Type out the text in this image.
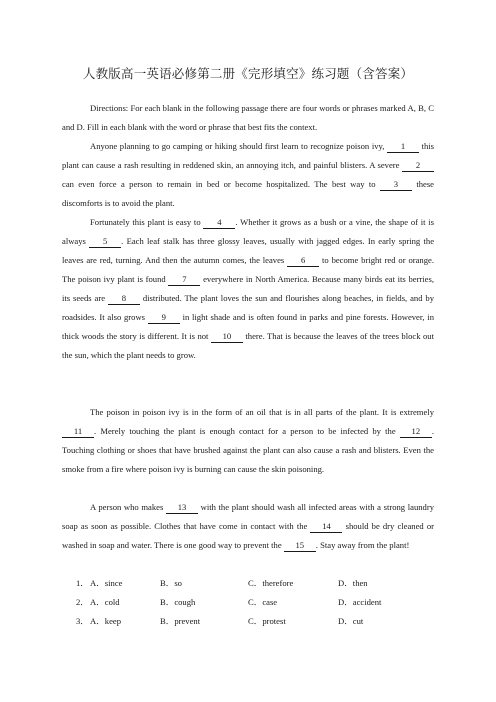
人教版高一英语必修第二册《完形填空》练习题（含答案）
Directions: For each blank in the following passage there are four words or phrases marked A, B, C and D. Fill in each blank with the word or phrase that best fits the context.
Anyone planning to go camping or hiking should first learn to recognize poison ivy, 1 this plant can cause a rash resulting in reddened skin, an annoying itch, and painful blisters. A severe 2 can even force a person to remain in bed or become hospitalized. The best way to 3 these discomforts is to avoid the plant.
Fortunately this plant is easy to 4 . Whether it grows as a bush or a vine, the shape of it is always 5 . Each leaf stalk has three glossy leaves, usually with jagged edges. In early spring the leaves are red, turning. And then the autumn comes, the leaves 6 to become bright red or orange. The poison ivy plant is found 7 everywhere in North America. Because many birds eat its berries, its seeds are 8 distributed. The plant loves the sun and flourishes along beaches, in fields, and by roadsides. It also grows 9 in light shade and is often found in parks and pine forests. However, in thick woods the story is different. It is not 10 there. That is because the leaves of the trees block out the sun, which the plant needs to grow.
The poison in poison ivy is in the form of an oil that is in all parts of the plant. It is extremely 11 . Merely touching the plant is enough contact for a person to be infected by the 12 . Touching clothing or shoes that have brushed against the plant can also cause a rash and blisters. Even the smoke from a fire where poison ivy is burning can cause the skin poisoning.
A person who makes 13 with the plant should wash all infected areas with a strong laundry soap as soon as possible. Clothes that have come in contact with the 14 should be dry cleaned or washed in soap and water. There is one good way to prevent the 15 . Stay away from the plant!
1． A．since	B．so	C．therefore	D．then
2． A．cold	B．cough	C．case	D．accident
3． A．keep	B．prevent	C．protest	D．cut
